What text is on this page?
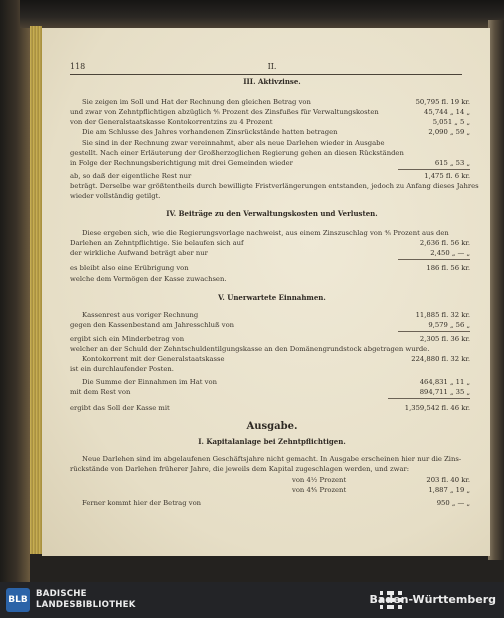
118	II.
III. Aktivzinse.
Sie zeigen im Soll und Hat der Rechnung den gleichen Betrag von	50,795 fl. 19 kr.
und zwar von Zehntpflichtigen abzüglich ⅘ Prozent des Zinsfußes für Verwaltungskosten	45,744 „ 14 „
von der Generalstaatskasse Kontokorrentzins zu 4 Prozent	5,051 „ 5 „
Die am Schlusse des Jahres vorhandenen Zinsrückstände hatten betragen	2,090 „ 59 „
Sie sind in der Rechnung zwar vereinnahmt, aber als neue Darlehen wieder in Ausgabe
gestellt. Nach einer Erläuterung der Großherzoglichen Regierung gehen an diesen Rückständen
in Folge der Rechnungsberichtigung mit drei Gemeinden wieder	615 „ 53 „
ab, so daß der eigentliche Rest nur	1,475 fl. 6 kr.
beträgt. Derselbe war größtentheils durch bewilligte Fristverlängerungen entstanden, jedoch zu Anfang dieses Jahres
wieder vollständig getilgt.
IV. Beiträge zu den Verwaltungskosten und Verlusten.
Diese ergeben sich, wie die Regierungsvorlage nachweist, aus einem Zinszuschlag von ⅘ Prozent aus den
Darlehen an Zehntpflichtige. Sie belaufen sich auf	2,636 fl. 56 kr.
der wirkliche Aufwand beträgt aber nur	2,450 „ — „
es bleibt also eine Erübrigung von	186 fl. 56 kr.
welche dem Vermögen der Kasse zuwachsen.
V. Unerwartete Einnahmen.
Kassenrest aus voriger Rechnung	11,885 fl. 32 kr.
gegen den Kassenbestand am Jahresschluß von	9,579 „ 56 „
ergibt sich ein Minderbetrag von	2,305 fl. 36 kr.
welcher an der Schuld der Zehntschuldentilgungskasse an den Domänengrundstock abgetragen wurde.
Kontokorrent mit der Generalstaatskasse	224,880 fl. 32 kr.
ist ein durchlaufender Posten.
Die Summe der Einnahmen im Hat von	464,831 „ 11 „
mit dem Rest von	894,711 „ 35 „
ergibt das Soll der Kasse mit	1,359,542 fl. 46 kr.
Ausgabe.
I. Kapitalanlage bei Zehntpflichtigen.
Neue Darlehen sind im abgelaufenen Geschäftsjahre nicht gemacht. In Ausgabe erscheinen hier nur die Zins-
rückstände von Darlehen früherer Jahre, die jeweils dem Kapital zugeschlagen werden, und zwar:
von 4½ Prozent	203 fl. 40 kr.
von 4⅘ Prozent	1,887 „ 19 „
Ferner kommt hier der Betrag von	950 „ — „
BLB
BADISCHE
LANDESBIBLIOTHEK	Baden-Württemberg
